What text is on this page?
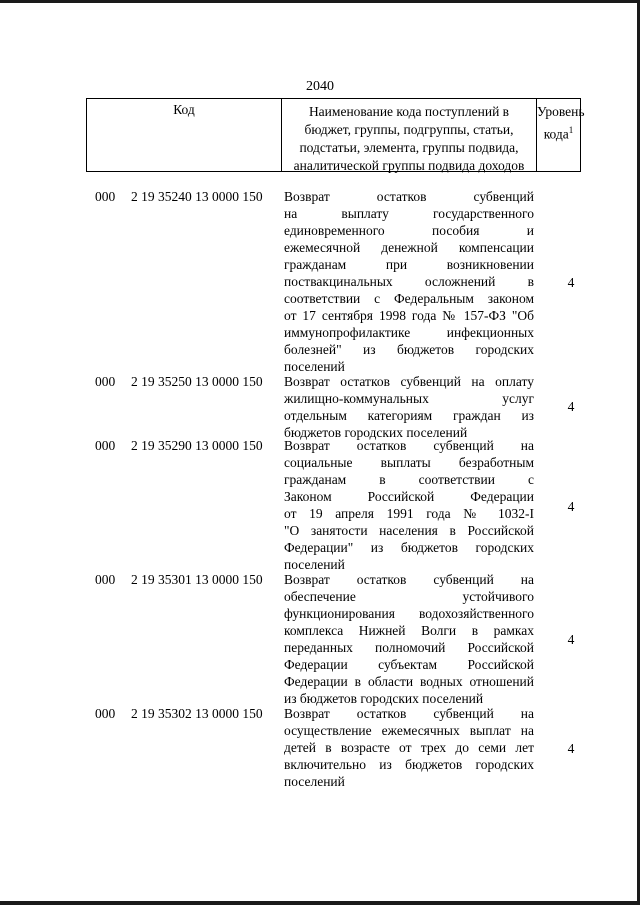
2040
Код	Наименование кода поступлений в
бюджет, группы, подгруппы, статьи,
подстатьи, элемента, группы подвида,
аналитической группы подвида доходов
Уровень
кода$^1$
000 2 19 35240 13 0000 150 Возврат остатков субвенций
на выплату государственного
единовременного пособия и
ежемесячной денежной компенсации
гражданам при возникновении
поствакцинальных осложнений в
соответствии с Федеральным законом
от 17 сентября 1998 года № 157-ФЗ "Об
иммунопрофилактике инфекционных
болезней" из бюджетов городских
поселений
4
000 2 19 35250 13 0000 150 Возврат остатков субвенций на оплату
жилищно-коммунальных услуг
отдельным категориям граждан из
бюджетов городских поселений
4
000 2 19 35290 13 0000 150 Возврат остатков субвенций на
социальные выплаты безработным
гражданам в соответствии с
Законом Российской Федерации
от 19 апреля 1991 года № 1032-I
"О занятости населения в Российской
Федерации" из бюджетов городских
поселений
4
000 2 19 35301 13 0000 150 Возврат остатков субвенций на
обеспечение устойчивого
функционирования водохозяйственного
комплекса Нижней Волги в рамках
переданных полномочий Российской
Федерации субъектам Российской
Федерации в области водных отношений
из бюджетов городских поселений
4
000 2 19 35302 13 0000 150 Возврат остатков субвенций на
осуществление ежемесячных выплат на
детей в возрасте от трех до семи лет
включительно из бюджетов городских
поселений
4
